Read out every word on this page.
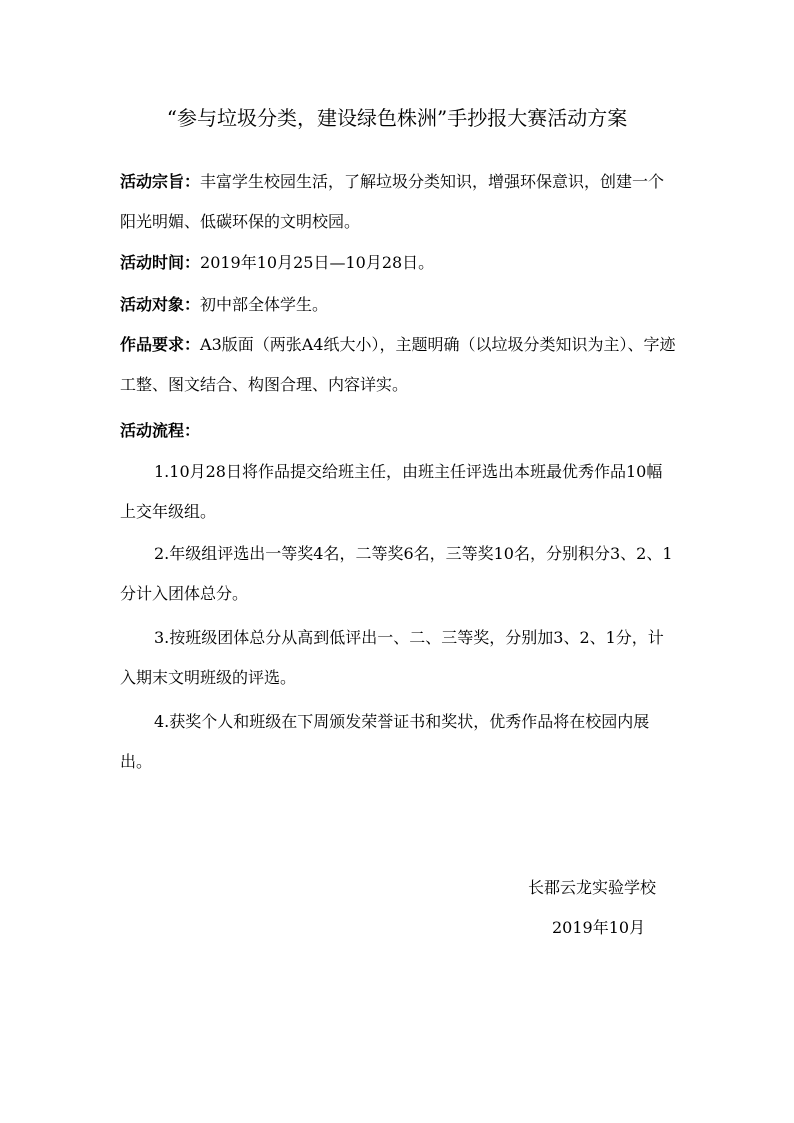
“参与垃圾分类，建设绿色株洲”手抄报大赛活动方案
活动宗旨：丰富学生校园生活，了解垃圾分类知识，增强环保意识，创建一个阳光明媚、低碳环保的文明校园。
活动时间：2019年10月25日—10月28日。
活动对象：初中部全体学生。
作品要求：A3版面（两张A4纸大小），主题明确（以垃圾分类知识为主）、字迹工整、图文结合、构图合理、内容详实。
活动流程：
1.10月28日将作品提交给班主任，由班主任评选出本班最优秀作品10幅上交年级组。
2.年级组评选出一等奖4名，二等奖6名，三等奖10名，分别积分3、2、1分计入团体总分。
3.按班级团体总分从高到低评出一、二、三等奖，分别加3、2、1分，计入期末文明班级的评选。
4.获奖个人和班级在下周颁发荣誉证书和奖状，优秀作品将在校园内展出。
长郡云龙实验学校
2019年10月
